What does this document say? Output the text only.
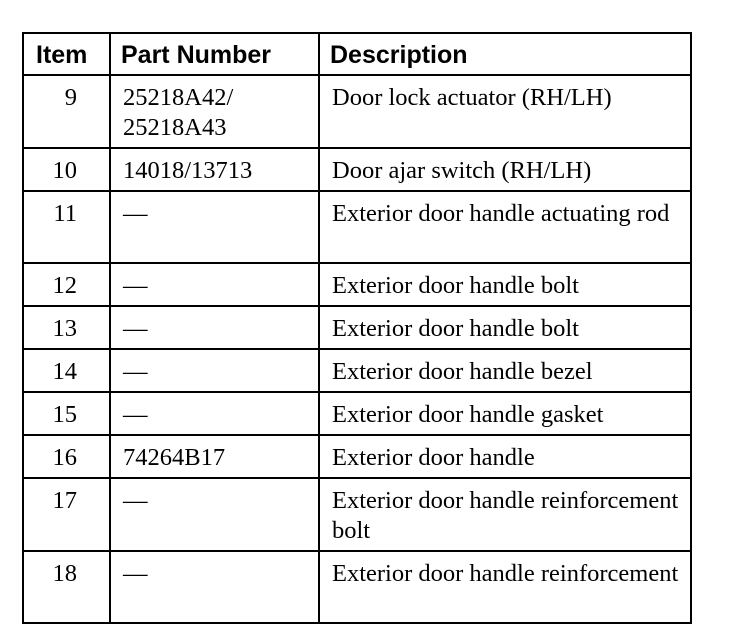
Item	Part Number	Description
9	25218A42/ 25218A43	Door lock actuator (RH/LH)
10	14018/13713	Door ajar switch (RH/LH)
11	—	Exterior door handle actuating rod
12	—	Exterior door handle bolt
13	—	Exterior door handle bolt
14	—	Exterior door handle bezel
15	—	Exterior door handle gasket
16	74264B17	Exterior door handle
17	—	Exterior door handle reinforcement bolt
18	—	Exterior door handle reinforcement
